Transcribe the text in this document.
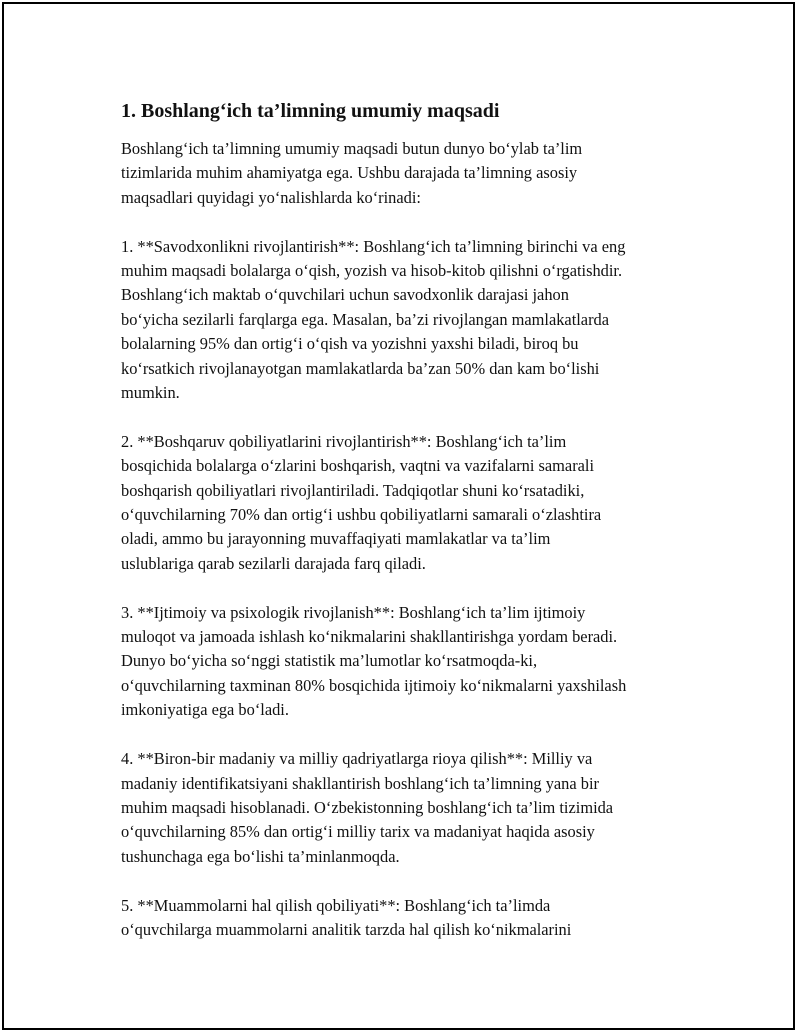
1. Boshlang‘ich ta’limning umumiy maqsadi

Boshlang‘ich ta’limning umumiy maqsadi butun dunyo bo‘ylab ta’lim
tizimlarida muhim ahamiyatga ega. Ushbu darajada ta’limning asosiy
maqsadlari quyidagi yo‘nalishlarda ko‘rinadi:

1. **Savodxonlikni rivojlantirish**: Boshlang‘ich ta’limning birinchi va eng
muhim maqsadi bolalarga o‘qish, yozish va hisob-kitob qilishni o‘rgatishdir.
Boshlang‘ich maktab o‘quvchilari uchun savodxonlik darajasi jahon
bo‘yicha sezilarli farqlarga ega. Masalan, ba’zi rivojlangan mamlakatlarda
bolalarning 95% dan ortig‘i o‘qish va yozishni yaxshi biladi, biroq bu
ko‘rsatkich rivojlanayotgan mamlakatlarda ba’zan 50% dan kam bo‘lishi
mumkin.

2. **Boshqaruv qobiliyatlarini rivojlantirish**: Boshlang‘ich ta’lim
bosqichida bolalarga o‘zlarini boshqarish, vaqtni va vazifalarni samarali
boshqarish qobiliyatlari rivojlantiriladi. Tadqiqotlar shuni ko‘rsatadiki,
o‘quvchilarning 70% dan ortig‘i ushbu qobiliyatlarni samarali o‘zlashtira
oladi, ammo bu jarayonning muvaffaqiyati mamlakatlar va ta’lim
uslublariga qarab sezilarli darajada farq qiladi.

3. **Ijtimoiy va psixologik rivojlanish**: Boshlang‘ich ta’lim ijtimoiy
muloqot va jamoada ishlash ko‘nikmalarini shakllantirishga yordam beradi.
Dunyo bo‘yicha so‘nggi statistik ma’lumotlar ko‘rsatmoqda-ki,
o‘quvchilarning taxminan 80% bosqichida ijtimoiy ko‘nikmalarni yaxshilash
imkoniyatiga ega bo‘ladi.

4. **Biron-bir madaniy va milliy qadriyatlarga rioya qilish**: Milliy va
madaniy identifikatsiyani shakllantirish boshlang‘ich ta’limning yana bir
muhim maqsadi hisoblanadi. O‘zbekistonning boshlang‘ich ta’lim tizimida
o‘quvchilarning 85% dan ortig‘i milliy tarix va madaniyat haqida asosiy
tushunchaga ega bo‘lishi ta’minlanmoqda.

5. **Muammolarni hal qilish qobiliyati**: Boshlang‘ich ta’limda
o‘quvchilarga muammolarni analitik tarzda hal qilish ko‘nikmalarini
